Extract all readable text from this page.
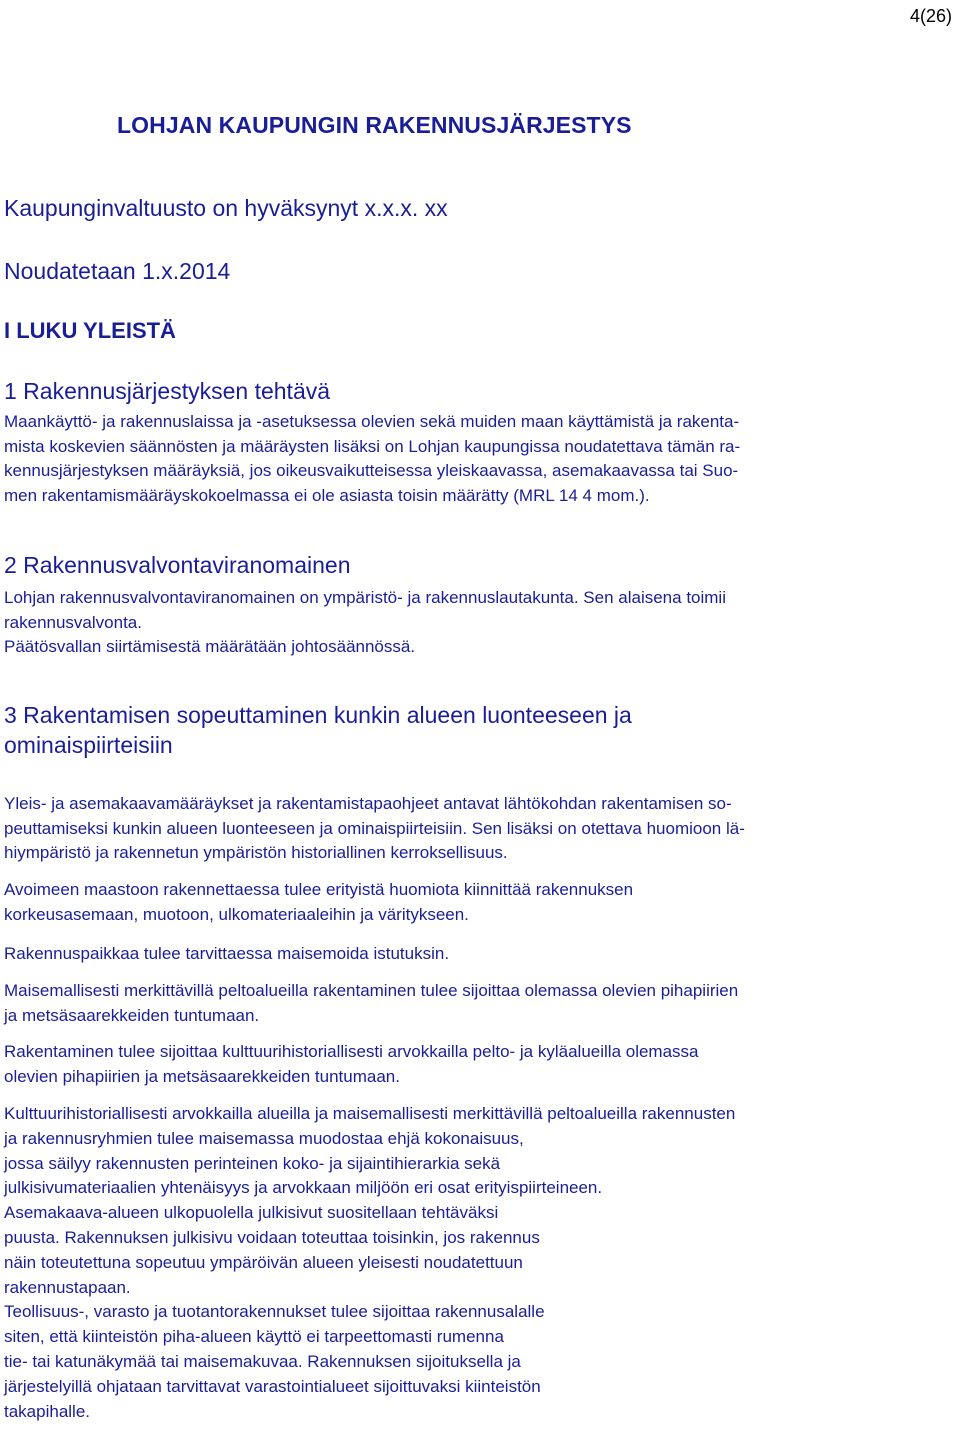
4(26)
LOHJAN KAUPUNGIN RAKENNUSJÄRJESTYS
Kaupunginvaltuusto on hyväksynyt x.x.x. xx
Noudatetaan 1.x.2014
I LUKU YLEISTÄ

1 Rakennusjärjestyksen tehtävä

Maankäyttö- ja rakennuslaissa ja -asetuksessa olevien sekä muiden maan käyttämistä ja rakenta-

mista koskevien säännösten ja määräysten lisäksi on Lohjan kaupungissa noudatettava tämän ra-

kennusjärjestyksen määräyksiä, jos oikeusvaikutteisessa yleiskaavassa, asemakaavassa tai Suo-

men rakentamismääräyskokoelmassa ei ole asiasta toisin määrätty (MRL 14 4 mom.).

2 Rakennusvalvontaviranomainen

Lohjan rakennusvalvontaviranomainen on ympäristö- ja rakennuslautakunta. Sen alaisena toimii

rakennusvalvonta.

Päätösvallan siirtämisestä määrätään johtosäännössä.

3 Rakentamisen sopeuttaminen kunkin alueen luonteeseen ja

ominaispiirteisiin

Yleis- ja asemakaavamääräykset ja rakentamistapaohjeet antavat lähtökohdan rakentamisen so-

peuttamiseksi kunkin alueen luonteeseen ja ominaispiirteisiin. Sen lisäksi on otettava huomioon lä-

hiympäristö ja rakennetun ympäristön historiallinen kerroksellisuus.

Avoimeen maastoon rakennettaessa tulee erityistä huomiota kiinnittää rakennuksen

korkeusasemaan, muotoon, ulkomateriaaleihin ja väritykseen.

Rakennuspaikkaa tulee tarvittaessa maisemoida istutuksin.

Maisemallisesti merkittävillä peltoalueilla rakentaminen tulee sijoittaa olemassa olevien pihapiirien

ja metsäsaarekkeiden tuntumaan.

Rakentaminen tulee sijoittaa kulttuurihistoriallisesti arvokkailla pelto- ja kyläalueilla olemassa

olevien pihapiirien ja metsäsaarekkeiden tuntumaan.

Kulttuurihistoriallisesti arvokkailla alueilla ja maisemallisesti merkittävillä peltoalueilla rakennusten

ja rakennusryhmien tulee maisemassa muodostaa ehjä kokonaisuus,

jossa säilyy rakennusten perinteinen koko- ja sijaintihierarkia sekä

julkisivumateriaalien yhtenäisyys ja arvokkaan miljöön eri osat erityispiirteineen.

Asemakaava-alueen ulkopuolella julkisivut suositellaan tehtäväksi

puusta. Rakennuksen julkisivu voidaan toteuttaa toisinkin, jos rakennus

näin toteutettuna sopeutuu ympäröivän alueen yleisesti noudatettuun

rakennustapaan.

Teollisuus-, varasto ja tuotantorakennukset tulee sijoittaa rakennusalalle

siten, että kiinteistön piha-alueen käyttö ei tarpeettomasti rumenna

tie- tai katunäkymää tai maisemakuvaa. Rakennuksen sijoituksella ja

järjestelyillä ohjataan tarvittavat varastointialueet sijoittuvaksi kiinteistön

takapihalle.
